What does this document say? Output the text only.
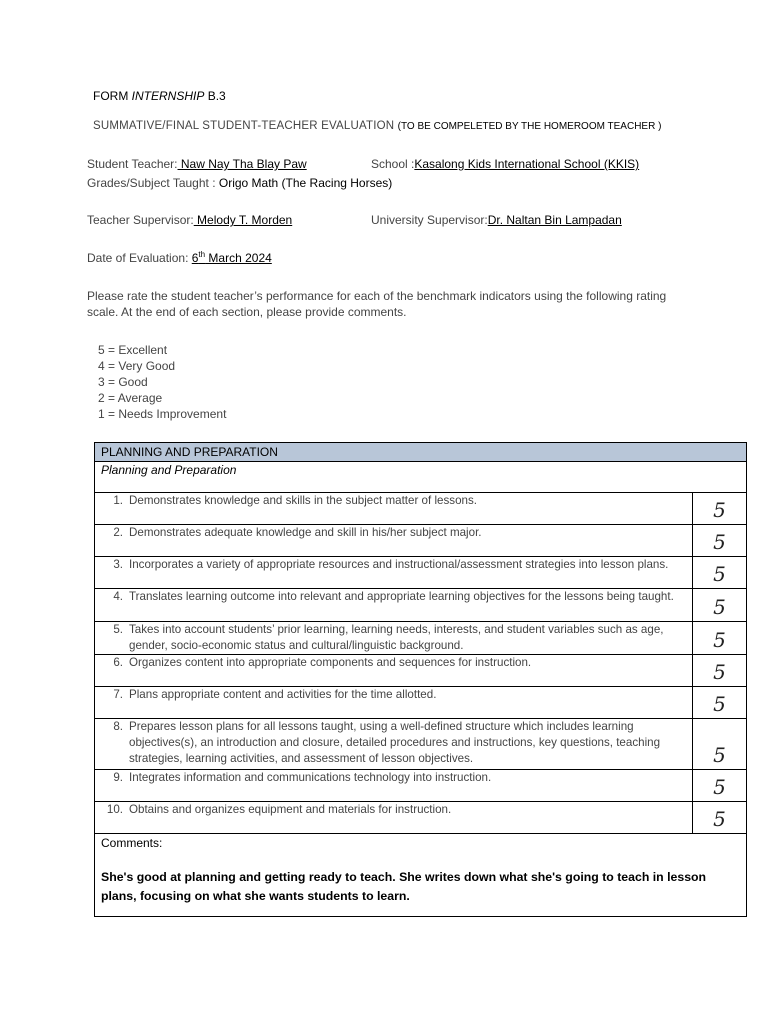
FORM INTERNSHIP B.3
SUMMATIVE/FINAL STUDENT-TEACHER EVALUATION (TO BE COMPELETED BY THE HOMEROOM TEACHER )
Student Teacher: Naw Nay Tha Blay Paw	School :Kasalong Kids International School (KKIS)
Grades/Subject Taught : Origo Math (The Racing Horses)
Teacher Supervisor: Melody T. Morden	University Supervisor:Dr. Naltan Bin Lampadan
Date of Evaluation: 6th March 2024
Please rate the student teacher’s performance for each of the benchmark indicators using the following rating scale. At the end of each section, please provide comments.
5 = Excellent
4 = Very Good
3 = Good
2 = Average
1 = Needs Improvement
PLANNING AND PREPARATION
Planning and Preparation
1. Demonstrates knowledge and skills in the subject matter of lessons.	5
2. Demonstrates adequate knowledge and skill in his/her subject major.	5
3. Incorporates a variety of appropriate resources and instructional/assessment strategies into lesson plans.	5
4. Translates learning outcome into relevant and appropriate learning objectives for the lessons being taught.	5
5. Takes into account students’ prior learning, learning needs, interests, and student variables such as age, gender, socio-economic status and cultural/linguistic background.	5
6. Organizes content into appropriate components and sequences for instruction.	5
7. Plans appropriate content and activities for the time allotted.	5
8. Prepares lesson plans for all lessons taught, using a well-defined structure which includes learning objectives(s), an introduction and closure, detailed procedures and instructions, key questions, teaching strategies, learning activities, and assessment of lesson objectives.	5
9. Integrates information and communications technology into instruction.	5
10. Obtains and organizes equipment and materials for instruction.	5
Comments:
She's good at planning and getting ready to teach. She writes down what she's going to teach in lesson plans, focusing on what she wants students to learn.
